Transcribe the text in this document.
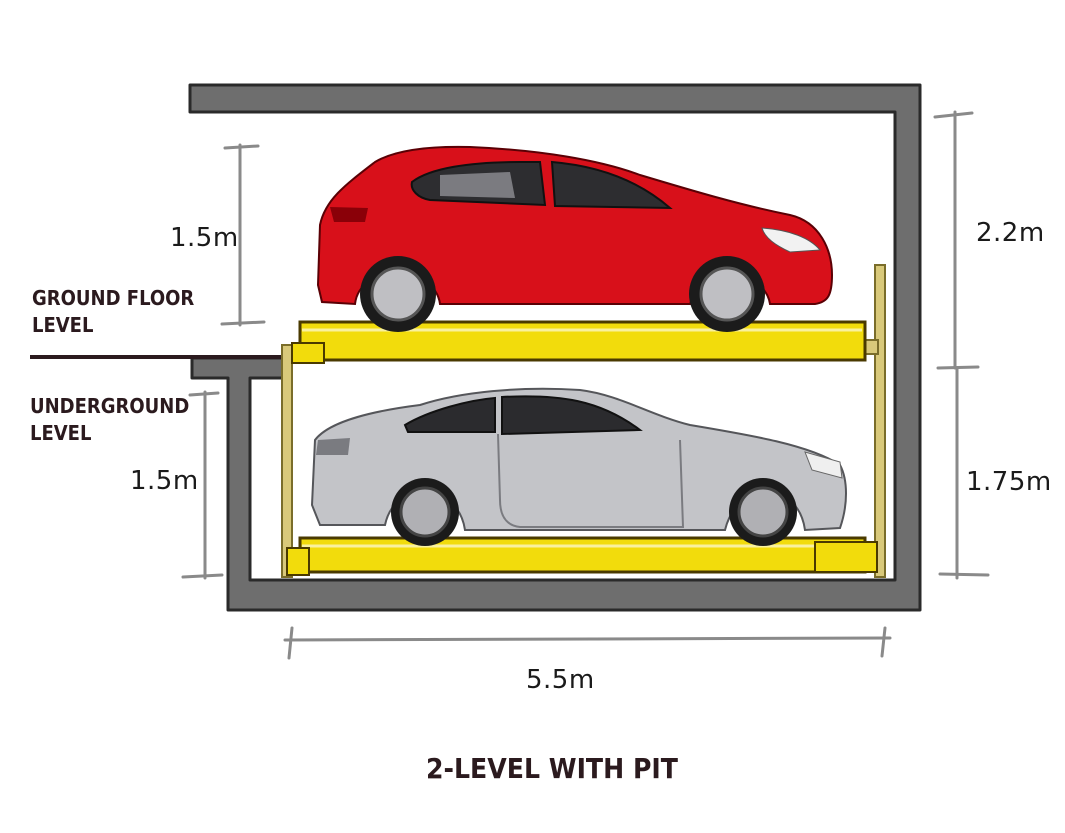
1.5m
1.5m
2.2m
1.75m
5.5m
GROUND FLOOR
LEVEL
UNDERGROUND
LEVEL
2-LEVEL WITH PIT
